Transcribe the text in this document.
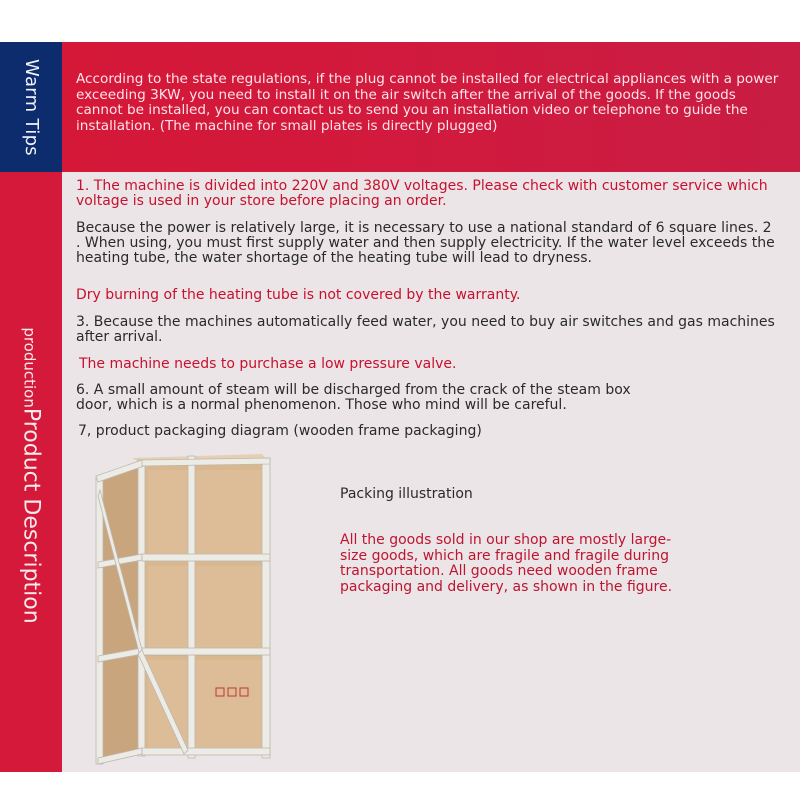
Warm Tips	According to the state regulations, if the plug cannot be installed for electrical appliances with a power exceeding 3KW, you need to install it on the air switch after the arrival of the goods. If the goods cannot be installed, you can contact us to send you an installation video or telephone to guide the installation. (The machine for small plates is directly plugged)
productionProduct Description
1. The machine is divided into 220V and 380V voltages. Please check with customer service which voltage is used in your store before placing an order.
Because the power is relatively large, it is necessary to use a national standard of 6 square lines. 2 . When using, you must first supply water and then supply electricity. If the water level exceeds the heating tube, the water shortage of the heating tube will lead to dryness.
Dry burning of the heating tube is not covered by the warranty.
3. Because the machines automatically feed water, you need to buy air switches and gas machines after arrival.
The machine needs to purchase a low pressure valve.
6. A small amount of steam will be discharged from the crack of the steam box door, which is a normal phenomenon. Those who mind will be careful.
7, product packaging diagram (wooden frame packaging)
Packing illustration
All the goods sold in our shop are mostly large-size goods, which are fragile and fragile during transportation. All goods need wooden frame packaging and delivery, as shown in the figure.
